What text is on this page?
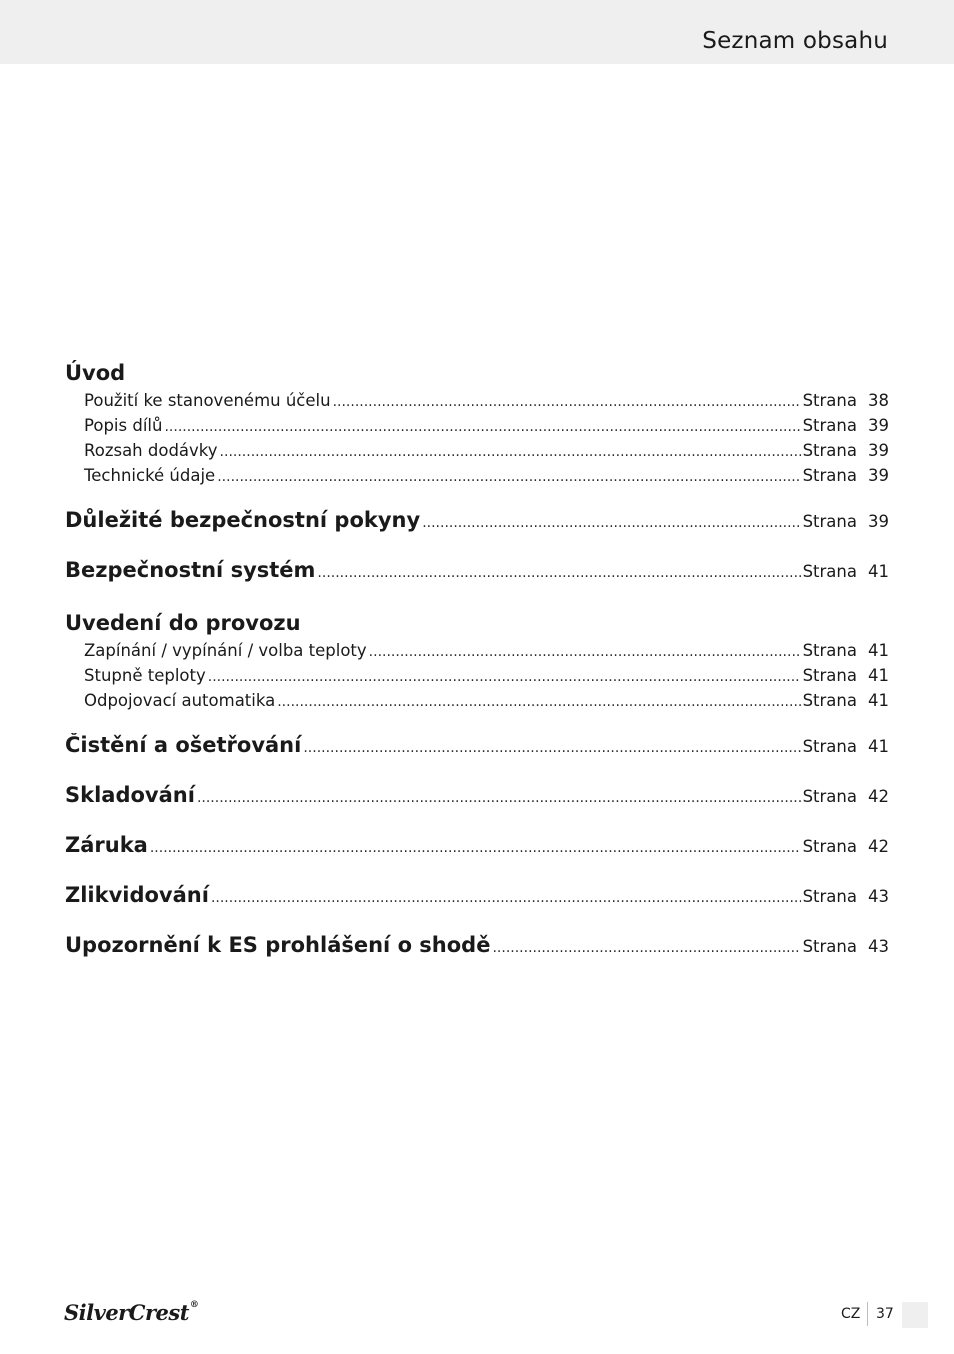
Seznam obsahu
Úvod
Použití ke stanovenému účelu .....	Strana 38
Popis dílů .....	Strana 39
Rozsah dodávky .....	Strana 39
Technické údaje .....	Strana 39
Důležité bezpečnostní pokyny .....	Strana 39
Bezpečnostní systém .....	Strana 41
Uvedení do provozu
Zapínání / vypínání / volba teploty .....	Strana 41
Stupně teploty .....	Strana 41
Odpojovací automatika .....	Strana 41
Čistění a ošetřování .....	Strana 41
Skladování .....	Strana 42
Záruka .....	Strana 42
Zlikvidování .....	Strana 43
Upozornění k ES prohlášení o shodě .....	Strana 43
SilverCrest®
CZ 37
